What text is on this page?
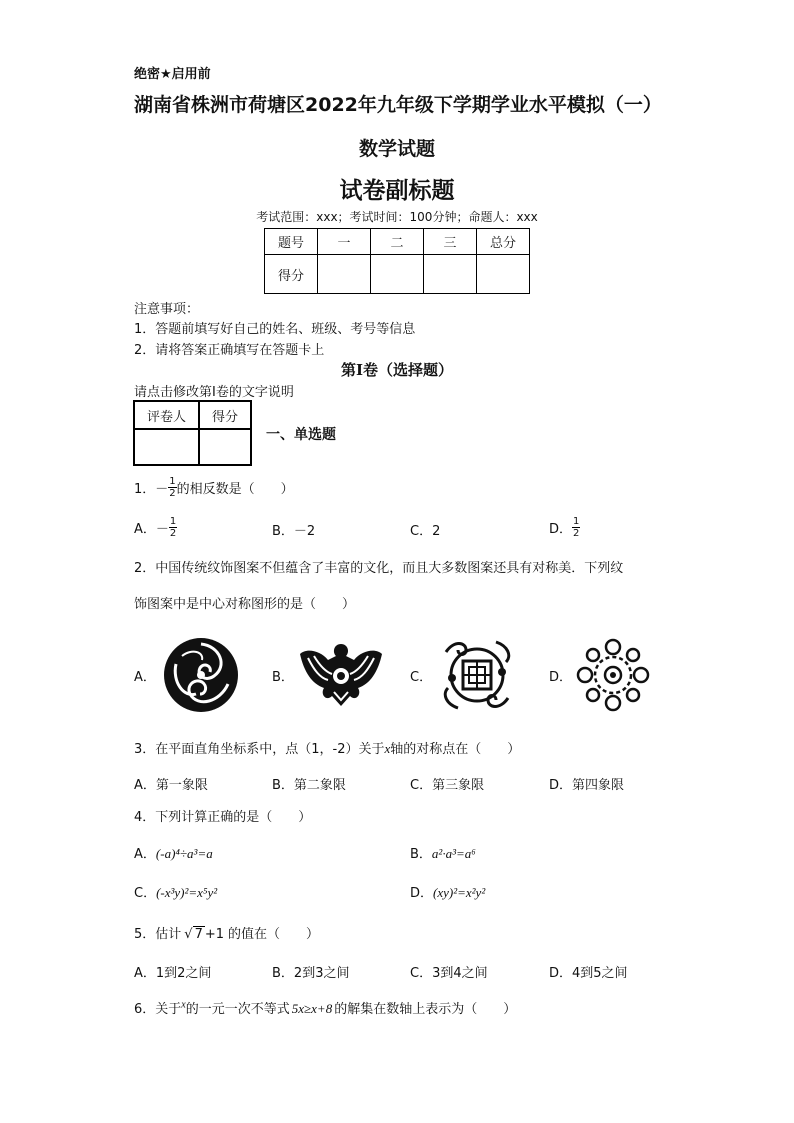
绝密★启用前
湖南省株洲市荷塘区2022年九年级下学期学业水平模拟（一）
数学试题
试卷副标题
考试范围：xxx；考试时间：100分钟；命题人：xxx
题号	一	二	三	总分
得分				
注意事项：
1．答题前填写好自己的姓名、班级、考号等信息
2．请将答案正确填写在答题卡上
第Ⅰ卷（选择题）
请点击修改第Ⅰ卷的文字说明
评卷人	得分

一、单选题
1．－ $\frac{1}{2}$ 的相反数是（　　）
A．－ $\frac{1}{2}$	B．－2	C．2	D． $\frac{1}{2}$
2．中国传统纹饰图案不但蕴含了丰富的文化，而且大多数图案还具有对称美．下列纹
饰图案中是中心对称图形的是（　　）
A．	B．	C．	D．
3．在平面直角坐标系中，点（1，-2）关于x轴的对称点在（　　）
A．第一象限	B．第二象限	C．第三象限	D．第四象限
4．下列计算正确的是（　　）
A．(-a)⁴÷a³=a	B．a²·a³=a⁶
C．(-x³y)²=x⁵y²	D．(xy)²=x²y²
5．估计 √ 7 +1 的值在（　　）
A．1到2之间	B．2到3之间	C．3到4之间	D．4到5之间
6．关于$^x$的一元一次不等式 5x≥x+8 的解集在数轴上表示为（　　）
